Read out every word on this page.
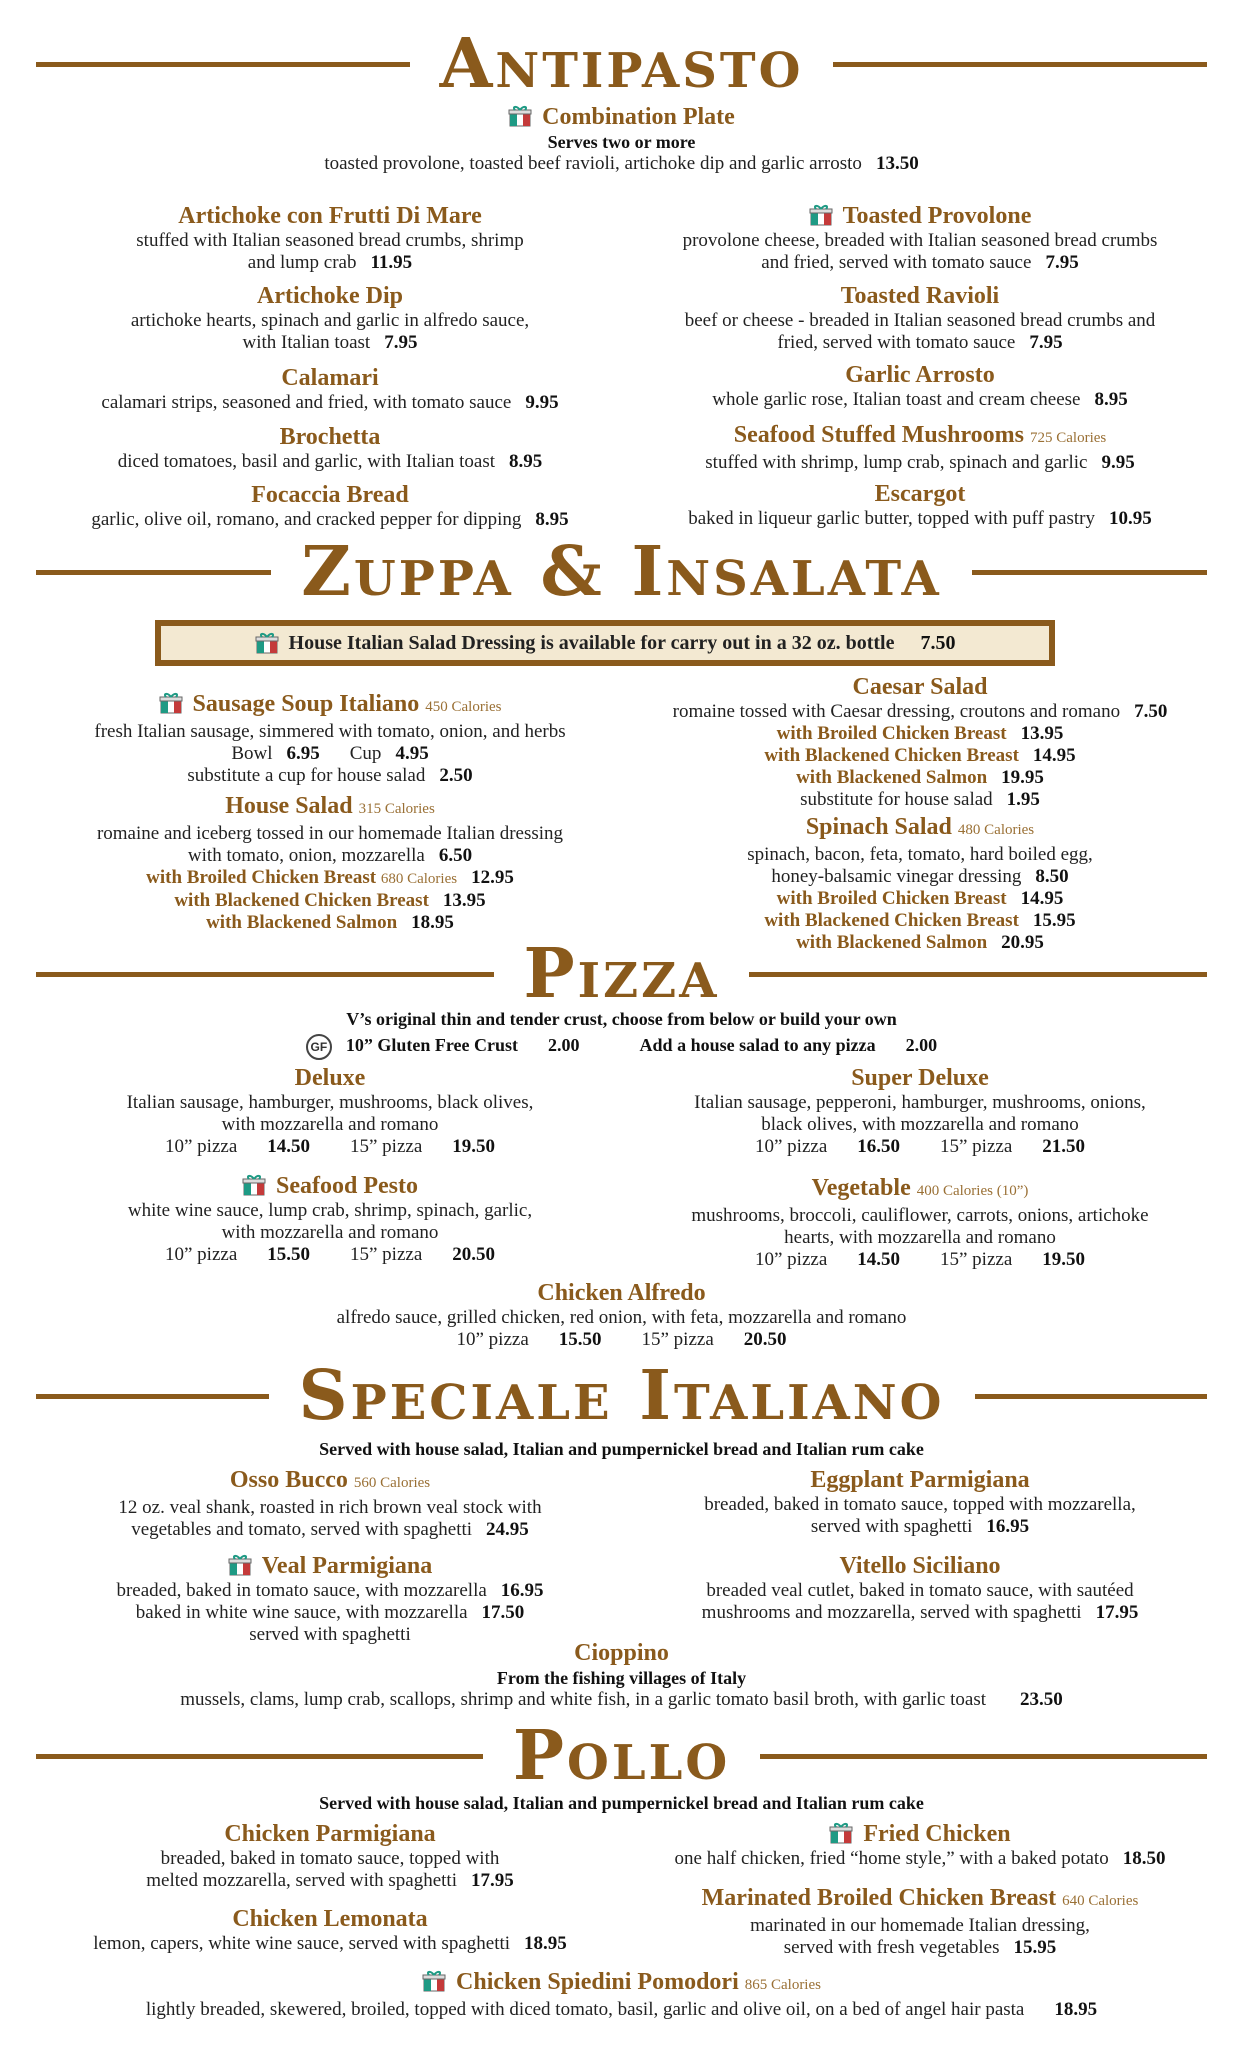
Antipasto
Combination Plate
Serves two or more
toasted provolone, toasted beef ravioli, artichoke dip and garlic arrosto 13.50
Artichoke con Frutti Di Mare
stuffed with Italian seasoned bread crumbs, shrimp
and lump crab 11.95
Artichoke Dip
artichoke hearts, spinach and garlic in alfredo sauce,
with Italian toast 7.95
Calamari
calamari strips, seasoned and fried, with tomato sauce 9.95
Brochetta
diced tomatoes, basil and garlic, with Italian toast 8.95
Focaccia Bread
garlic, olive oil, romano, and cracked pepper for dipping 8.95
Toasted Provolone
provolone cheese, breaded with Italian seasoned bread crumbs
and fried, served with tomato sauce 7.95
Toasted Ravioli
beef or cheese - breaded in Italian seasoned bread crumbs and
fried, served with tomato sauce 7.95
Garlic Arrosto
whole garlic rose, Italian toast and cream cheese 8.95
Seafood Stuffed Mushrooms 725 Calories
stuffed with shrimp, lump crab, spinach and garlic 9.95
Escargot
baked in liqueur garlic butter, topped with puff pastry 10.95
Zuppa & Insalata
House Italian Salad Dressing is available for carry out in a 32 oz. bottle 7.50
Sausage Soup Italiano 450 Calories
fresh Italian sausage, simmered with tomato, onion, and herbs
Bowl 6.95 Cup 4.95
substitute a cup for house salad 2.50
House Salad 315 Calories
romaine and iceberg tossed in our homemade Italian dressing
with tomato, onion, mozzarella 6.50
with Broiled Chicken Breast 680 Calories 12.95
with Blackened Chicken Breast 13.95
with Blackened Salmon 18.95
Caesar Salad
romaine tossed with Caesar dressing, croutons and romano 7.50
with Broiled Chicken Breast 13.95
with Blackened Chicken Breast 14.95
with Blackened Salmon 19.95
substitute for house salad 1.95
Spinach Salad 480 Calories
spinach, bacon, feta, tomato, hard boiled egg,
honey-balsamic vinegar dressing 8.50
with Broiled Chicken Breast 14.95
with Blackened Chicken Breast 15.95
with Blackened Salmon 20.95
Pizza
V’s original thin and tender crust, choose from below or build your own
GF 10” Gluten Free Crust 2.00	Add a house salad to any pizza 2.00
Deluxe
Italian sausage, hamburger, mushrooms, black olives,
with mozzarella and romano
10” pizza 14.50 15” pizza 19.50
Super Deluxe
Italian sausage, pepperoni, hamburger, mushrooms, onions,
black olives, with mozzarella and romano
10” pizza 16.50 15” pizza 21.50
Seafood Pesto
white wine sauce, lump crab, shrimp, spinach, garlic,
with mozzarella and romano
10” pizza 15.50 15” pizza 20.50
Vegetable 400 Calories (10”)
mushrooms, broccoli, cauliflower, carrots, onions, artichoke
hearts, with mozzarella and romano
10” pizza 14.50 15” pizza 19.50
Chicken Alfredo
alfredo sauce, grilled chicken, red onion, with feta, mozzarella and romano
10” pizza 15.50 15” pizza 20.50
Speciale Italiano
Served with house salad, Italian and pumpernickel bread and Italian rum cake
Osso Bucco 560 Calories
12 oz. veal shank, roasted in rich brown veal stock with
vegetables and tomato, served with spaghetti 24.95
Veal Parmigiana
breaded, baked in tomato sauce, with mozzarella 16.95
baked in white wine sauce, with mozzarella 17.50
served with spaghetti
Eggplant Parmigiana
breaded, baked in tomato sauce, topped with mozzarella,
served with spaghetti 16.95
Vitello Siciliano
breaded veal cutlet, baked in tomato sauce, with sautéed
mushrooms and mozzarella, served with spaghetti 17.95
Cioppino
From the fishing villages of Italy
mussels, clams, lump crab, scallops, shrimp and white fish, in a garlic tomato basil broth, with garlic toast 23.50
Pollo
Served with house salad, Italian and pumpernickel bread and Italian rum cake
Chicken Parmigiana
breaded, baked in tomato sauce, topped with
melted mozzarella, served with spaghetti 17.95
Chicken Lemonata
lemon, capers, white wine sauce, served with spaghetti 18.95
Fried Chicken
one half chicken, fried “home style,” with a baked potato 18.50
Marinated Broiled Chicken Breast 640 Calories
marinated in our homemade Italian dressing,
served with fresh vegetables 15.95
Chicken Spiedini Pomodori 865 Calories
lightly breaded, skewered, broiled, topped with diced tomato, basil, garlic and olive oil, on a bed of angel hair pasta 18.95
